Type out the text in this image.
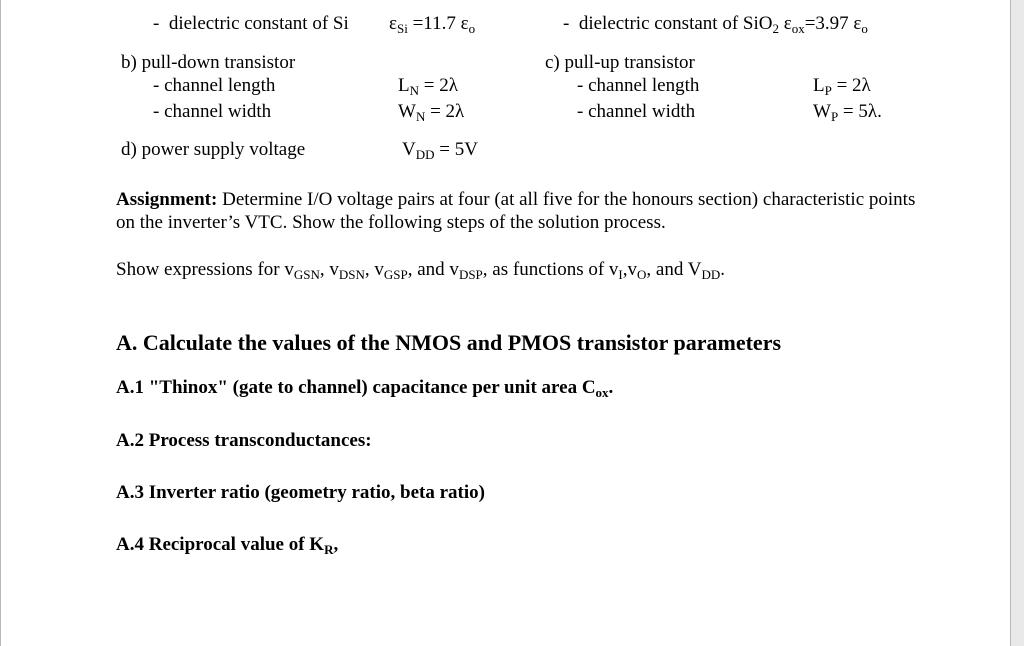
- dielectric constant of Si $\varepsilon_{Si} =11.7$ $\varepsilon_o$	-  dielectric constant of SiO$_2$ $\varepsilon_{ox}=3.97$ $\varepsilon_o$
b) pull-down transistor
- channel length	$L_N = 2\lambda$
- channel width	$W_N = 2\lambda$
c) pull-up transistor
- channel length	$L_P = 2\lambda$
- channel width	$W_P = 5\lambda$.
d) power supply voltage	$V_{DD} = 5V$
Assignment: Determine I/O voltage pairs at four (at all five for the honours section) characteristic points
on the inverter’s VTC. Show the following steps of the solution process.
Show expressions for $v_{GSN}$, $v_{DSN}$, $v_{GSP}$, and $v_{DSP}$, as functions of $v_I,v_O$, and $V_{DD}$.
A. Calculate the values of the NMOS and PMOS transistor parameters
A.1 "Thinox" (gate to channel) capacitance per unit area $C_{ox}$.
A.2 Process transconductances:
A.3 Inverter ratio (geometry ratio, beta ratio)
A.4 Reciprocal value of $K_R$,
